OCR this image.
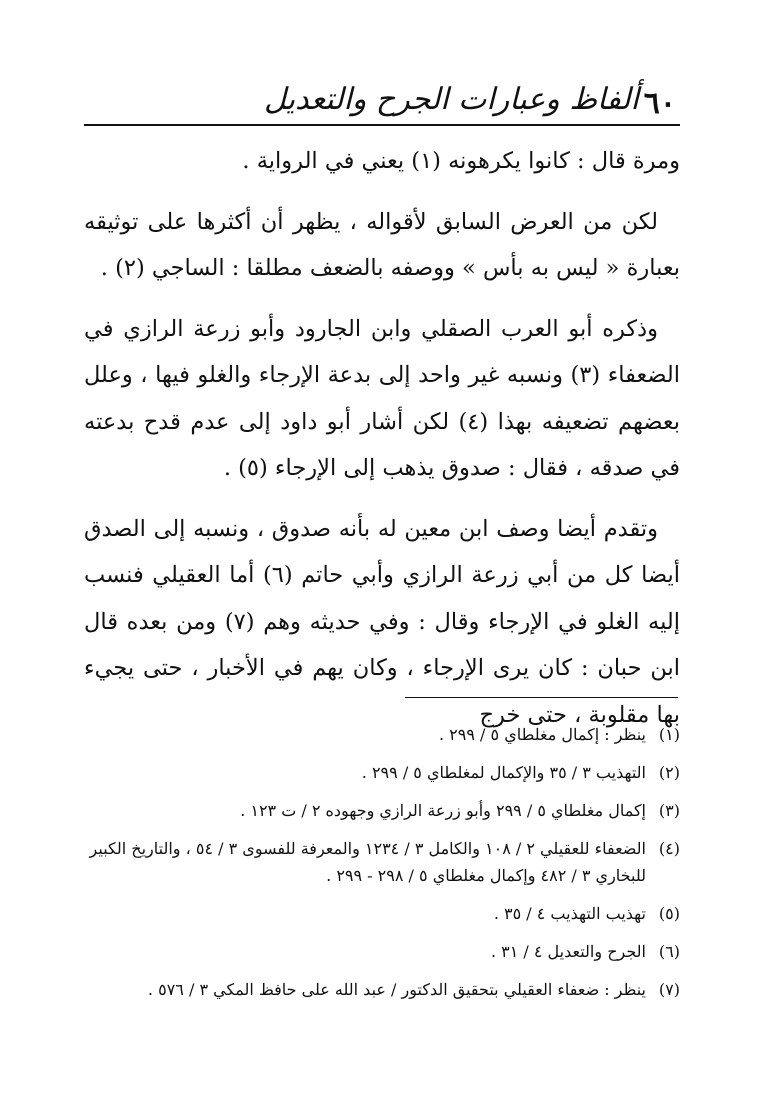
٦٠
ألفاظ وعبارات الجرح والتعديل

ومرة قال : كانوا يكرهونه (١) يعني في الرواية .

لكن من العرض السابق لأقواله ، يظهر أن أكثرها على توثيقه بعبارة « ليس به بأس » ووصفه بالضعف مطلقا : الساجي (٢) .

وذكره أبو العرب الصقلي وابن الجارود وأبو زرعة الرازي في الضعفاء (٣) ونسبه غير واحد إلى بدعة الإرجاء والغلو فيها ، وعلل بعضهم تضعيفه بهذا (٤) لكن أشار أبو داود إلى عدم قدح بدعته في صدقه ، فقال : صدوق يذهب إلى الإرجاء (٥) .

وتقدم أيضا وصف ابن معين له بأنه صدوق ، ونسبه إلى الصدق أيضا كل من أبي زرعة الرازي وأبي حاتم (٦) أما العقيلي فنسب إليه الغلو في الإرجاء وقال : وفي حديثه وهم (٧) ومن بعده قال ابن حبان : كان يرى الإرجاء ، وكان يهم في الأخبار ، حتى يجيء بها مقلوبة ، حتى خرج

(١)
ينظر : إكمال مغلطاي ٥ / ٢٩٩ .
(٢)
التهذيب ٣ / ٣٥ والإكمال لمغلطاي ٥ / ٢٩٩ .
(٣)
إكمال مغلطاي ٥ / ٢٩٩ وأبو زرعة الرازي وجهوده ٢ / ت ١٢٣ .
(٤)
الضعفاء للعقيلي ٢ / ١٠٨ والكامل ٣ / ١٢٣٤ والمعرفة للفسوى ٣ / ٥٤ ، والتاريخ الكبير للبخاري ٣ / ٤٨٢ وإكمال مغلطاي ٥ / ٢٩٨ - ٢٩٩ .
(٥)
تهذيب التهذيب ٤ / ٣٥ .
(٦)
الجرح والتعديل ٤ / ٣١ .
(٧)
ينظر : ضعفاء العقيلي بتحقيق الدكتور / عبد الله على حافظ المكي ٣ / ٥٧٦ .
